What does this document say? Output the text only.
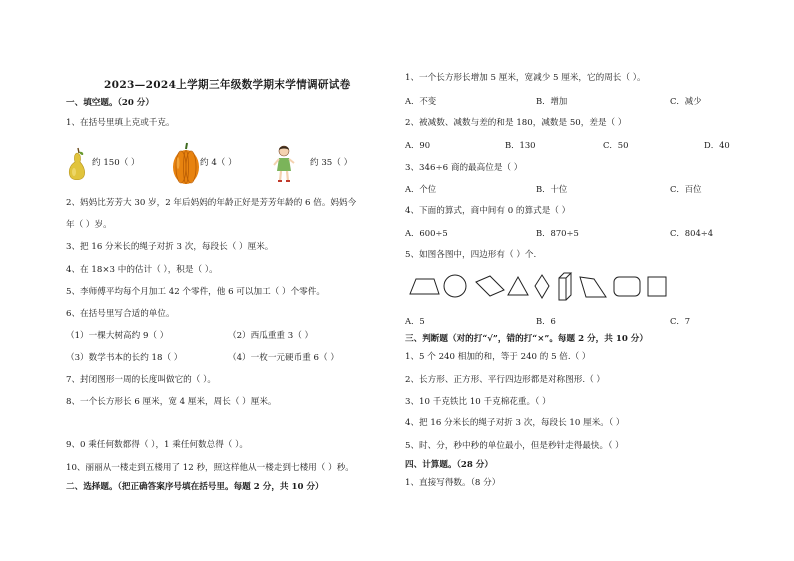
2023—2024上学期三年级数学期末学情调研试卷
一、填空题。（20 分）
1、在括号里填上克或千克。
约 150（ ）	约 4（ ）	约 35（ ）
2、妈妈比芳芳大 30 岁，2 年后妈妈的年龄正好是芳芳年龄的 6 倍。妈妈今
年（ ）岁。
3、把 16 分米长的绳子对折 3 次，每段长（ ）厘米。
4、在 18×3 中的估计（ ），积是（ ）。
5、李师傅平均每个月加工 42 个零件，他 6 可以加工（ ）个零件。
6、在括号里写合适的单位。
（1）一棵大树高约 9（ ）	（2）西瓜重重 3（ ）
（3）数学书本的长约 18（ ）	（4）一枚一元硬币重 6（ ）
7、封闭图形一周的长度叫做它的（ ）。
8、一个长方形长 6 厘米，宽 4 厘米，周长（ ）厘米。
9、0 乘任何数都得（ ），1 乘任何数总得（ ）。
10、丽丽从一楼走到五楼用了 12 秒，照这样他从一楼走到七楼用（ ）秒。
二、选择题。（把正确答案序号填在括号里。每题 2 分，共 10 分）
1、一个长方形长增加 5 厘米，宽减少 5 厘米，它的周长（ ）。
A．不变	B．增加	C．减少
2、被减数、减数与差的和是 180，减数是 50，差是（ ）
A．90	B．130	C．50	D．40
3、346÷6 商的最高位是（ ）
A．个位	B．十位	C．百位
4、下面的算式，商中间有 0 的算式是（ ）
A．600÷5	B．870÷5	C．804÷4
5、如图各图中，四边形有（ ）个.
A．5	B．6	C．7
三、判断题（对的打“√”，错的打“×”。每题 2 分，共 10 分）
1、5 个 240 相加的和，等于 240 的 5 倍.（ ）
2、长方形、正方形、平行四边形都是对称图形.（ ）
3、10 千克铁比 10 千克棉花重。（ ）
4、把 16 分米长的绳子对折 3 次，每段长 10 厘米。（ ）
5、时、分，秒中秒的单位最小，但是秒针走得最快。（ ）
四、计算题。（28 分）
1、直接写得数。（8 分）
